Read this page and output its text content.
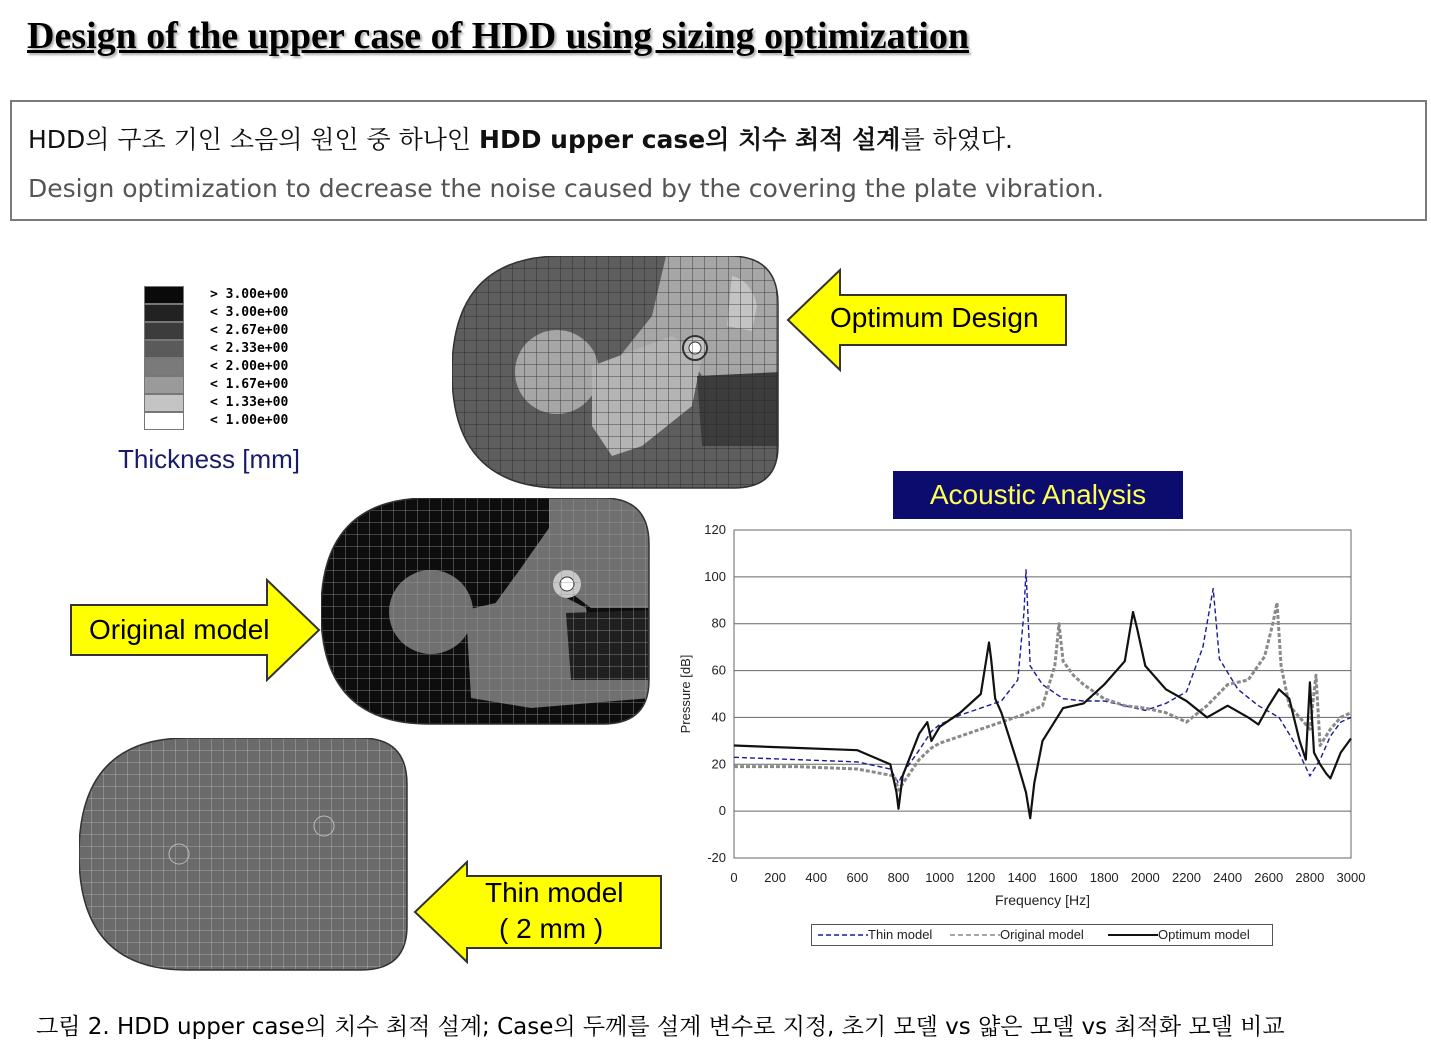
Design of the upper case of HDD using sizing optimization
HDD의 구조 기인 소음의 원인 중 하나인 HDD upper case의 치수 최적 설계를 하였다.
Design optimization to decrease the noise caused by the covering the plate vibration.
> 3.00e+00
< 3.00e+00
< 2.67e+00
< 2.33e+00
< 2.00e+00
< 1.67e+00
< 1.33e+00
< 1.00e+00
Thickness [mm]
Optimum Design
Original model
Thin model
( 2 mm )
Acoustic Analysis
-20
0
20
40
60
80
100
120
0 200 400 600 800 1000 1200 1400 1600 1800 2000 2200 2400 2600 2800 3000
Frequency [Hz]
Pressure [dB]
Thin model	Original model	Optimum model
그림 2. HDD upper case의 치수 최적 설계; Case의 두께를 설계 변수로 지정, 초기 모델 vs 얇은 모델 vs 최적화 모델 비교
